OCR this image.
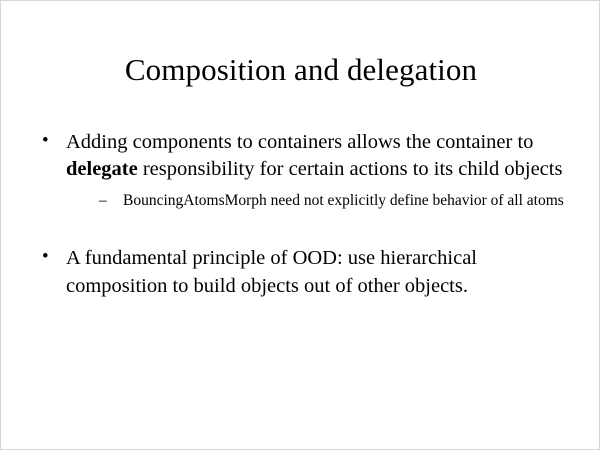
Composition and delegation
• Adding components to containers allows the container to delegate responsibility for certain actions to its child objects
– BouncingAtomsMorph need not explicitly define behavior of all atoms
• A fundamental principle of OOD: use hierarchical composition to build objects out of other objects.
